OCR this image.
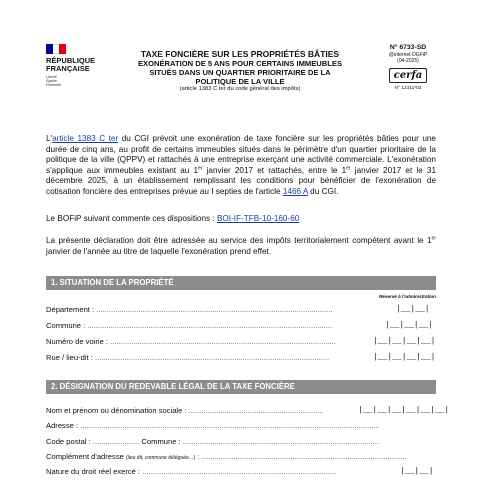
RÉPUBLIQUE
FRANÇAISE
Liberté
Égalité
Fraternité
TAXE FONCIÈRE SUR LES PROPRIÉTÉS BÂTIES
EXONÉRATION DE 5 ANS POUR CERTAINS IMMEUBLES
SITUÉS DANS UN QUARTIER PRIORITAIRE DE LA
POLITIQUE DE LA VILLE
(article 1383 C ter du code général des impôts)
N° 6733-SD
@internet-DGFiP
(04-2025)
cerfa
N° 12311*03
L'article 1383 C ter du CGI prévoit une exonération de taxe foncière sur les propriétés bâties pour une durée de cinq ans, au profit de certains immeubles situés dans le périmètre d'un quartier prioritaire de la politique de la ville (QPPV) et rattachés à une entreprise exerçant une activité commerciale. L'exonération s'applique aux immeubles existant au 1er janvier 2017 et rattachés, entre le 1er janvier 2017 et le 31 décembre 2025, à un établissement remplissant les conditions pour bénéficier de l'exonération de cotisation foncière des entreprises prévue au I septies de l'article 1466 A du CGI.
Le BOFiP suivant commente ces dispositions : BOI-IF-TFB-10-160-60
La présente déclaration doit être adressée au service des impôts territorialement compétent avant le 1er janvier de l'année au titre de laquelle l'exonération prend effet.
1. SITUATION DE LA PROPRIÉTÉ
Réservé à l'administration
Département : ................................................................................................................	|__|__|
Commune : ....................................................................................................................	|__|__|__|
Numéro de voirie : ...........................................................................................................	|__|__|__|__|
Rue / lieu-dit : ...............................................................................................................	|__|__|__|__|
2. DÉSIGNATION DU REDEVABLE LÉGAL DE LA TAXE FONCIÈRE
Nom et prénom ou dénomination sociale : ................................................................	|__|__|__|__|__|__|
Adresse : ..............................................................................................................................................
Code postal : ...................... Commune : .............................................................................................
Complément d'adresse (lieu dit, commune déléguée…) : .................................................................................................
Nature du droit réel exercé : ............................................................................................	|__|__|
